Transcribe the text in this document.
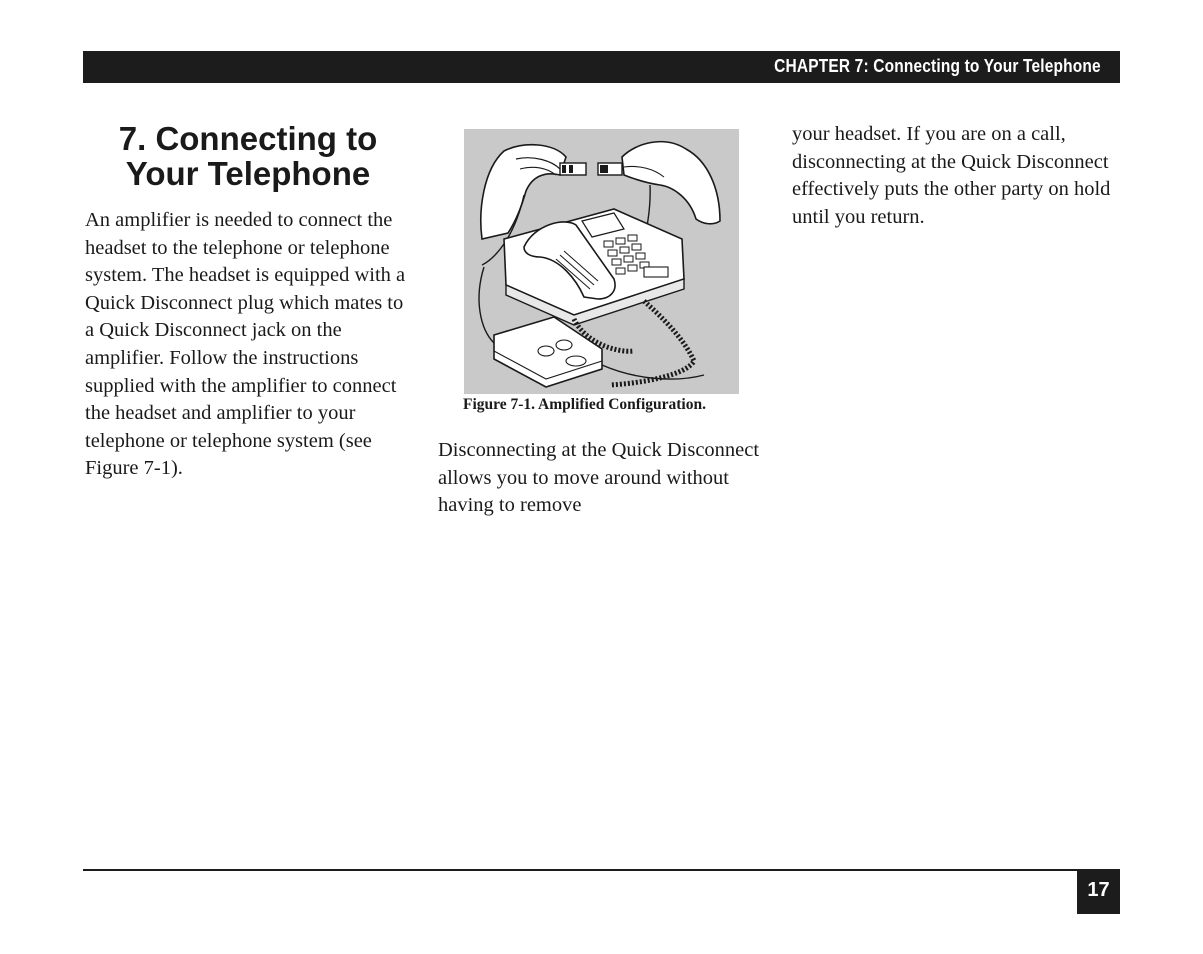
CHAPTER 7: Connecting to Your Telephone
7. Connecting to
Your Telephone

An amplifier is needed to connect the headset to the telephone or telephone system. The headset is equipped with a Quick Disconnect plug which mates to a Quick Disconnect jack on the amplifier. Follow the instructions supplied with the amplifier to connect the headset and amplifier to your telephone or telephone system (see Figure 7-1).

Figure 7-1. Amplified Configuration.

Disconnecting at the Quick Disconnect allows you to move around without having to remove

your headset. If you are on a call, disconnecting at the Quick Disconnect effectively puts the other party on hold until you return.

17
